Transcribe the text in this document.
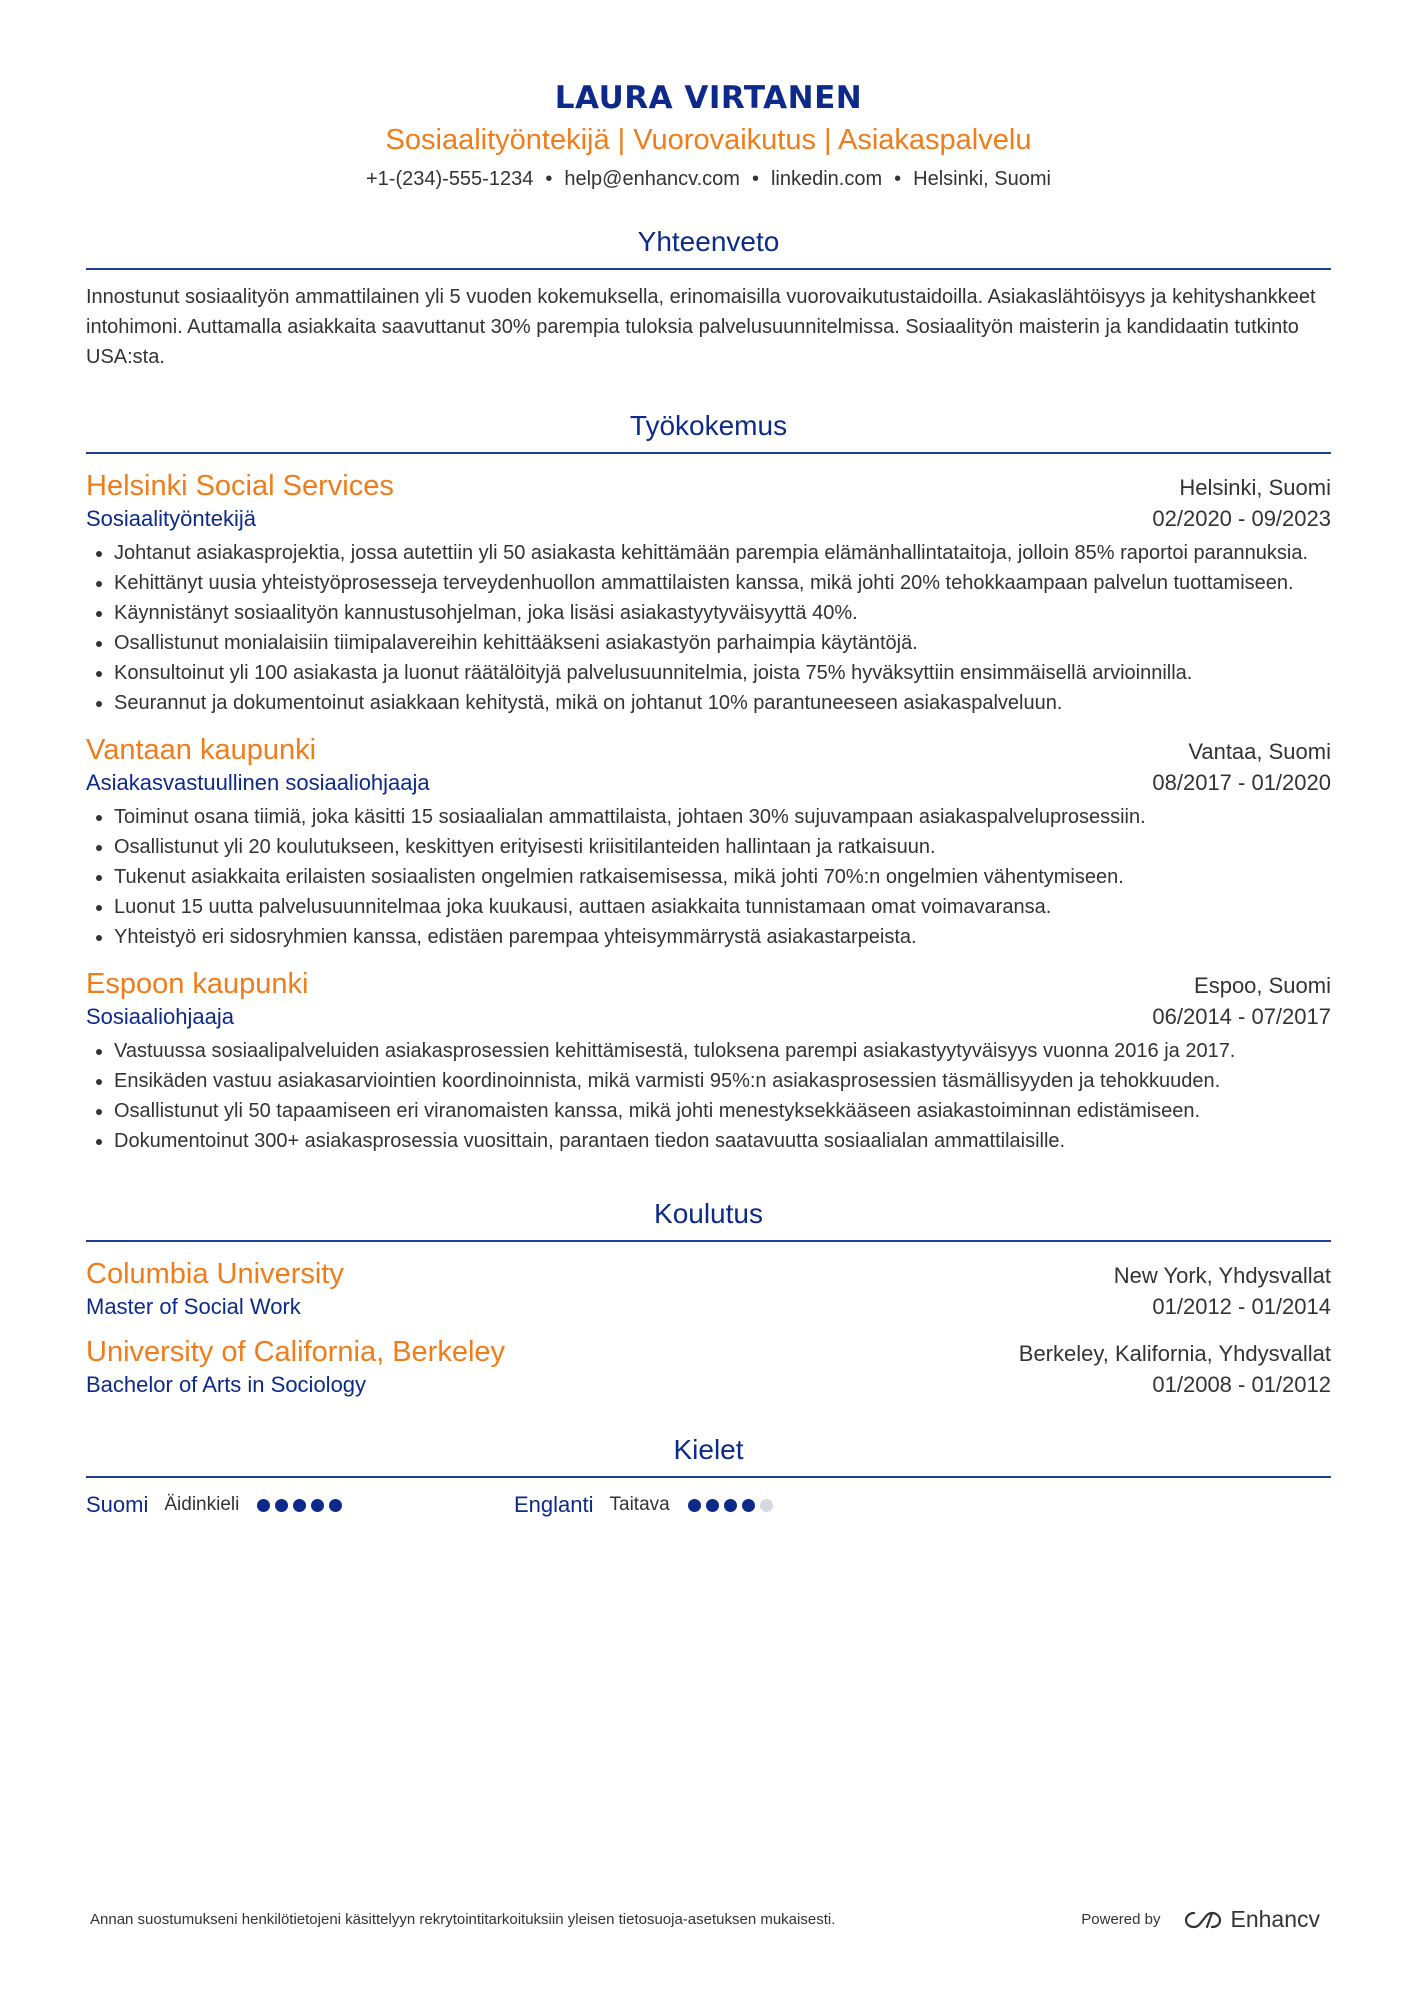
LAURA VIRTANEN
Sosiaalityöntekijä | Vuorovaikutus | Asiakaspalvelu
+1-(234)-555-1234 • help@enhancv.com • linkedin.com • Helsinki, Suomi
Yhteenveto
Innostunut sosiaalityön ammattilainen yli 5 vuoden kokemuksella, erinomaisilla vuorovaikutustaidoilla. Asiakaslähtöisyys ja kehityshankkeet intohimoni. Auttamalla asiakkaita saavuttanut 30% parempia tuloksia palvelusuunnitelmissa. Sosiaalityön maisterin ja kandidaatin tutkinto USA:sta.
Työkokemus
Helsinki Social Services	Helsinki, Suomi
Sosiaalityöntekijä	02/2020 - 09/2023
• Johtanut asiakasprojektia, jossa autettiin yli 50 asiakasta kehittämään parempia elämänhallintataitoja, jolloin 85% raportoi parannuksia.
• Kehittänyt uusia yhteistyöprosesseja terveydenhuollon ammattilaisten kanssa, mikä johti 20% tehokkaampaan palvelun tuottamiseen.
• Käynnistänyt sosiaalityön kannustusohjelman, joka lisäsi asiakastyytyväisyyttä 40%.
• Osallistunut monialaisiin tiimipalavereihin kehittääkseni asiakastyön parhaimpia käytäntöjä.
• Konsultoinut yli 100 asiakasta ja luonut räätälöityjä palvelusuunnitelmia, joista 75% hyväksyttiin ensimmäisellä arvioinnilla.
• Seurannut ja dokumentoinut asiakkaan kehitystä, mikä on johtanut 10% parantuneeseen asiakaspalveluun.
Vantaan kaupunki	Vantaa, Suomi
Asiakasvastuullinen sosiaaliohjaaja	08/2017 - 01/2020
• Toiminut osana tiimiä, joka käsitti 15 sosiaalialan ammattilaista, johtaen 30% sujuvampaan asiakaspalveluprosessiin.
• Osallistunut yli 20 koulutukseen, keskittyen erityisesti kriisitilanteiden hallintaan ja ratkaisuun.
• Tukenut asiakkaita erilaisten sosiaalisten ongelmien ratkaisemisessa, mikä johti 70%:n ongelmien vähentymiseen.
• Luonut 15 uutta palvelusuunnitelmaa joka kuukausi, auttaen asiakkaita tunnistamaan omat voimavaransa.
• Yhteistyö eri sidosryhmien kanssa, edistäen parempaa yhteisymmärrystä asiakastarpeista.
Espoon kaupunki	Espoo, Suomi
Sosiaaliohjaaja	06/2014 - 07/2017
• Vastuussa sosiaalipalveluiden asiakasprosessien kehittämisestä, tuloksena parempi asiakastyytyväisyys vuonna 2016 ja 2017.
• Ensikäden vastuu asiakasarviointien koordinoinnista, mikä varmisti 95%:n asiakasprosessien täsmällisyyden ja tehokkuuden.
• Osallistunut yli 50 tapaamiseen eri viranomaisten kanssa, mikä johti menestyksekkääseen asiakastoiminnan edistämiseen.
• Dokumentoinut 300+ asiakasprosessia vuosittain, parantaen tiedon saatavuutta sosiaalialan ammattilaisille.
Koulutus
Columbia University	New York, Yhdysvallat
Master of Social Work	01/2012 - 01/2014
University of California, Berkeley	Berkeley, Kalifornia, Yhdysvallat
Bachelor of Arts in Sociology	01/2008 - 01/2012
Kielet
Suomi Äidinkieli	Englanti Taitava
Annan suostumukseni henkilötietojeni käsittelyyn rekrytointitarkoituksiin yleisen tietosuoja-asetuksen mukaisesti.	Powered by	Enhancv
